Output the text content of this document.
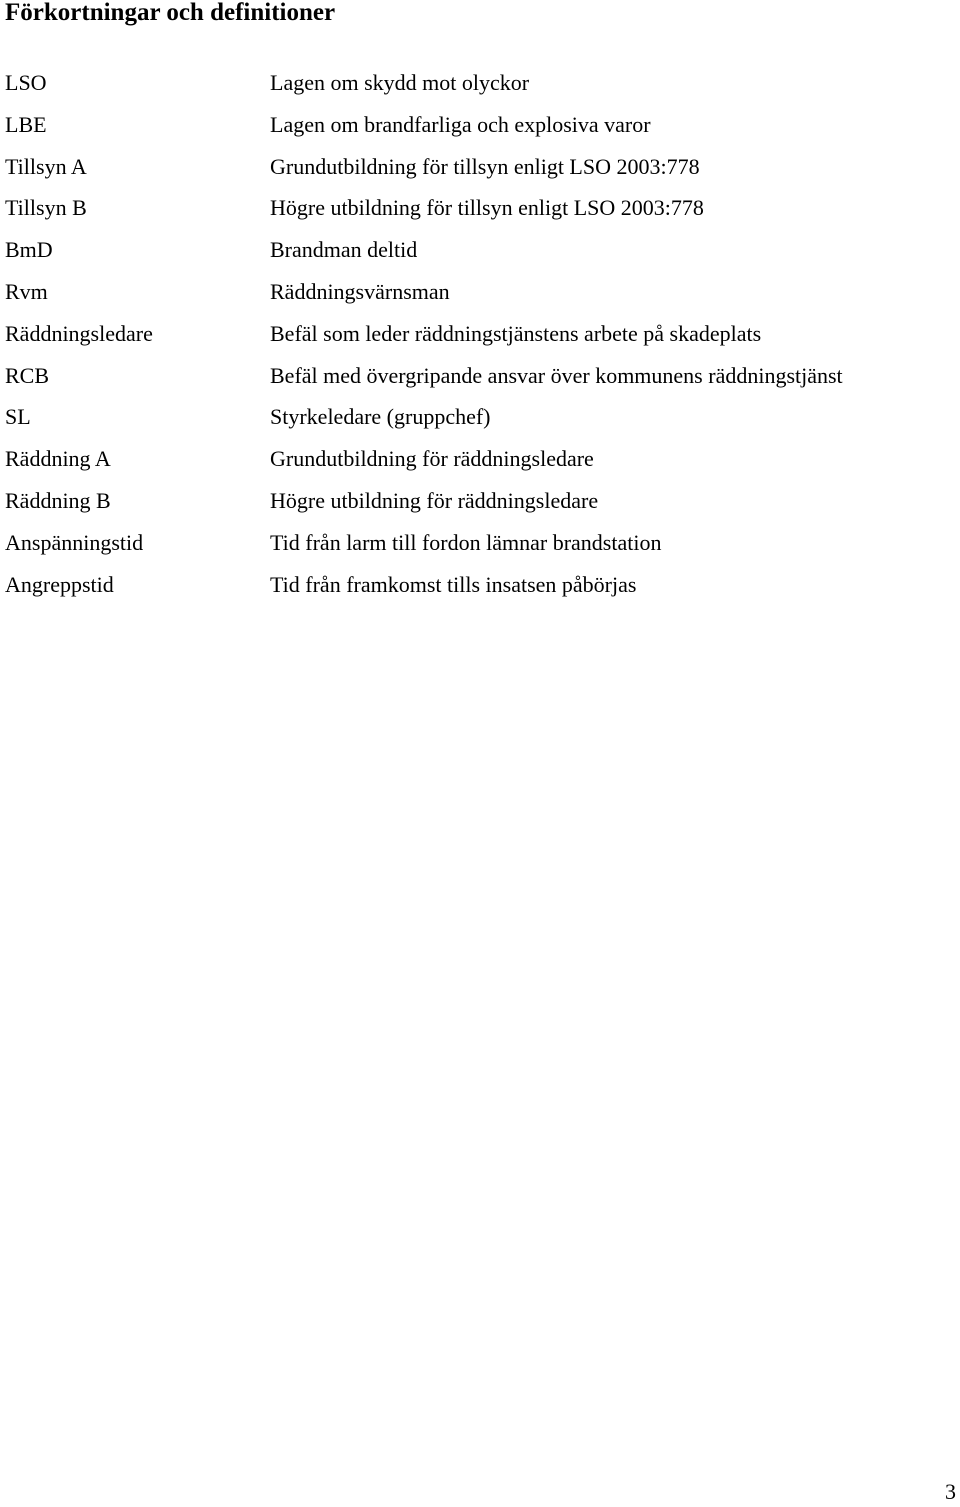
Förkortningar och definitioner
LSO	Lagen om skydd mot olyckor
LBE	Lagen om brandfarliga och explosiva varor
Tillsyn A	Grundutbildning för tillsyn enligt LSO 2003:778
Tillsyn B	Högre utbildning för tillsyn enligt LSO 2003:778
BmD	Brandman deltid
Rvm	Räddningsvärnsman
Räddningsledare	Befäl som leder räddningstjänstens arbete på skadeplats
RCB	Befäl med övergripande ansvar över kommunens räddningstjänst
SL	Styrkeledare (gruppchef)
Räddning A	Grundutbildning för räddningsledare
Räddning B	Högre utbildning för räddningsledare
Anspänningstid	Tid från larm till fordon lämnar brandstation
Angreppstid	Tid från framkomst tills insatsen påbörjas
3
